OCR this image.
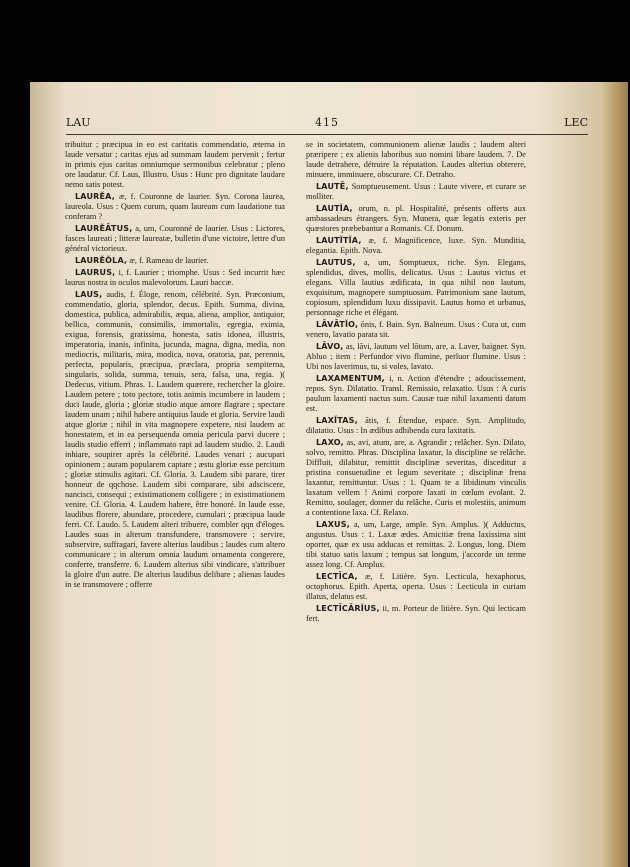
LAU	415	LEC

tribuitur ; præcipua in eo est caritatis commendatio, æterna in laude versatur ; caritas ejus ad summam laudem pervenit ; fertur in primis ejus caritas omniumque sermonibus celebratur ; pleno ore laudatur. Cf. Laus, Illustro. Usus : Hunc pro dignitate laudare nemo satis potest.

LAURĔA, æ, f. Couronne de laurier. Syn. Corona laurea, laureola. Usus : Quem curum, quam lauream cum laudatione tua conferam ?

LAURĔĀTUS, a, um, Couronné de laurier. Usus : Lictores, fasces laureati ; litteræ laureatæ, bulletin d'une victoire, lettre d'un général victorieux.

LAURĔŎLA, æ, f. Rameau de laurier.

LAURUS, i, f. Laurier ; triomphe. Usus : Sed incurrit hæc laurus nostra in oculos malevolorum. Lauri baccæ.

LAUS, audis, f. Éloge, renom, célébrité. Syn. Præconium, commendatio, gloria, splendor, decus. Epith. Summa, divina, domestica, publica, admirabilis, æqua, aliena, amplior, antiquior, bellica, communis, consimilis, immortalis, egregia, eximia, exigua, forensis, gratissima, honesta, satis idonea, illustris, imperatoria, inanis, infinita, jucunda, magna, digna, media, non mediocris, militaris, mira, modica, nova, oratoria, par, perennis, perfecta, popularis, præcipua, præclara, propria sempiterna, singularis, solida, summa, tenuis, sera, falsa, una, regia. )( Dedecus, vitium. Phras. 1. Laudem quærere, rechercher la gloire. Laudem petere ; toto pectore, totis animis incumbere in laudem ; duci laude, gloria ; gloriæ studio atque amore flagrare ; spectare laudem unam ; nihil habere antiquius laude et gloria. Servire laudi atque gloriæ ; nihil in vita magnopere expetere, nisi laudem ac honestatem, et in ea persequenda omnia pericula parvi ducere ; laudis studio efferri ; inflammato rapi ad laudem studio. 2. Laudi inhiare, soupirer après la célébrité. Laudes venari ; aucupari opinionem ; auram popularem captare ; æstu gloriæ esse percitum ; gloriæ stimulis agitari. Cf. Gloria. 3. Laudem sibi parare, tirer honneur de qqchose. Laudem sibi comparare, sibi adsciscere, nancisci, consequi ; existimationem colligere ; in existimationem venire. Cf. Gloria. 4. Laudem habere, être honoré. In laude esse, laudibus florere, abundare, procedere, cumulari ; præcipua laude ferri. Cf. Laudo. 5. Laudem alteri tribuere, combler qqn d'éloges. Laudes suas in alterum transfundere, transmovere ; servire, subservire, suffragari, favere alterius laudibus ; laudes cum altero communicare ; in alterum omnia laudum ornamenta congerere, conferre, transferre. 6. Laudem alterius sibi vindicare, s'attribuer la gloire d'un autre. De alterius laudibus delibare ; alienas laudes in se transmovere ; offerre

se in societatem, communionem alienæ laudis ; laudem alteri præripere ; ex alienis laboribus suo nomini libare laudem. 7. De laude detrahere, détruire la réputation. Laudes alterius obterere, minuere, imminuere, obscurare. Cf. Detraho.

LAUTĒ, Somptueusement. Usus : Laute vivere, et curare se molliter.

LAUTĬA, orum, n. pl. Hospitalité, présents offerts aux ambassadeurs étrangers. Syn. Munera, quæ legatis exteris per quæstores præbebantur a Romanis. Cf. Donum.

LAUTĬTĬA, æ, f. Magnificence, luxe. Syn. Munditia, elegantia. Epith. Nova.

LAUTUS, a, um, Somptueux, riche. Syn. Elegans, splendidus, dives, mollis, delicatus. Usus : Lautus victus et elegans. Villa lautius ædificata, in qua nihil non lautum, exquisitum, magnopere sumptuosum. Patrimonium sane lautum, copiosum, splendidum luxu dissipavit. Lautus homo et urbanus, personnage riche et élégant.

LĀVĀTĬO, ōnis, f. Bain. Syn. Balneum. Usus : Cura ut, cum venero, lavatio parata sit.

LĀVO, as, lāvi, lautum vel lōtum, are, a. Laver, baigner. Syn. Abluo ; item : Perfundor vivo flumine, perluor flumine. Usus : Ubi nos laverimus, tu, si voles, lavato.

LAXAMENTUM, i, n. Action d'étendre ; adoucissement, repos. Syn. Dilatatio. Transl. Remissio, relaxatio. Usus : A curis paulum laxamenti nactus sum. Causæ tuæ nihil laxamenti datum est.

LAXĬTAS, ātis, f. Étendue, espace. Syn. Amplitudo, dilatatio. Usus : In ædibus adhibenda cura laxitatis.

LAXO, as, avi, atum, are, a. Agrandir ; relâcher. Syn. Dilato, solvo, remitto. Phras. Disciplina laxatur, la discipline se relâche. Diffluit, dilabitur, remittit disciplinæ severitas, disceditur a pristina consuetudine et legum severitate ; disciplinæ frena laxantur, remittuntur. Usus : 1. Quam te a libidinum vinculis laxatum vellem ! Animi corpore laxati in cœlum evolant. 2. Remitto, soulager, donner du relâche. Curis et molestiis, animum a contentione laxa. Cf. Relaxo.

LAXUS, a, um, Large, ample. Syn. Amplus. )( Adductus, angustus. Usus : 1. Laxæ ædes. Amicitiæ frena laxissima sint oportet, quæ ex usu adducas et remittas. 2. Longus, long. Diem tibi statuo satis laxum ; tempus sat longum, j'accorde un terme assez long. Cf. Amplus.

LECTĪCA, æ, f. Litière. Syn. Lecticula, hexaphorus, octophorus. Epith. Aperta, operta. Usus : Lecticula in curiam illatus, delatus est.

LECTĪCĀRĬUS, ii, m. Porteur de litière. Syn. Qui lecticam fert.
